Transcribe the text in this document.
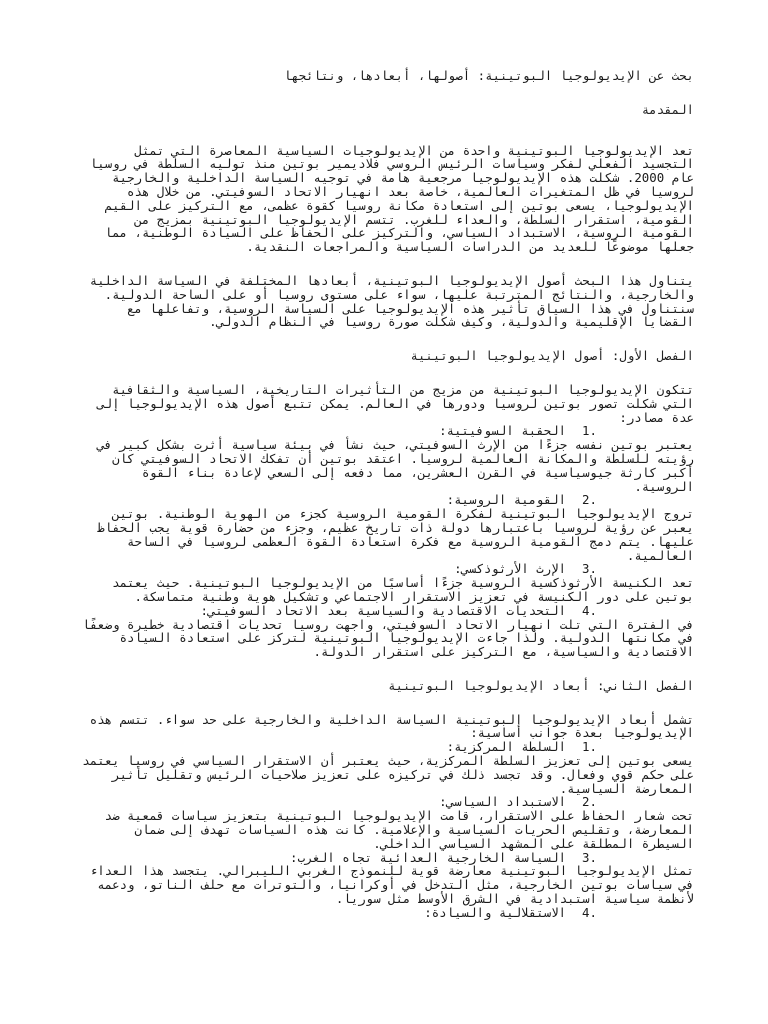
بحث عن الإيديولوجيا البوتينية: أصولها، أبعادها، ونتائجها
المقدمة
تعد الإيديولوجيا البوتينية واحدة من الإيديولوجيات السياسية المعاصرة التي تمثل
التجسيد الفعلي لفكر وسياسات الرئيس الروسي فلاديمير بوتين منذ توليه السلطة في روسيا
عام 2000. شكلت هذه الإيديولوجيا مرجعية هامة في توجيه السياسة الداخلية والخارجية
لروسيا في ظل المتغيرات العالمية، خاصة بعد انهيار الاتحاد السوفيتي. من خلال هذه
الإيديولوجيا، يسعى بوتين إلى استعادة مكانة روسيا كقوة عظمى، مع التركيز على القيم
القومية، استقرار السلطة، والعداء للغرب. تتسم الإيديولوجيا البوتينية بمزيج من
القومية الروسية، الاستبداد السياسي، والتركيز على الحفاظ على السيادة الوطنية، مما
جعلها موضوعًا للعديد من الدراسات السياسية والمراجعات النقدية.
يتناول هذا البحث أصول الإيديولوجيا البوتينية، أبعادها المختلفة في السياسة الداخلية
والخارجية، والنتائج المترتبة عليها، سواء على مستوى روسيا أو على الساحة الدولية.
سنتناول في هذا السياق تأثير هذه الإيديولوجيا على السياسة الروسية، وتفاعلها مع
القضايا الإقليمية والدولية، وكيف شكلت صورة روسيا في النظام الدولي.
الفصل الأول: أصول الإيديولوجيا البوتينية
تتكون الإيديولوجيا البوتينية من مزيج من التأثيرات التاريخية، السياسية والثقافية
التي شكلت تصور بوتين لروسيا ودورها في العالم. يمكن تتبع أصول هذه الإيديولوجيا إلى
عدة مصادر:
الحقبة السوفيتية: 1.
يعتبر بوتين نفسه جزءًا من الإرث السوفيتي، حيث نشأ في بيئة سياسية أثرت بشكل كبير في
رؤيته للسلطة والمكانة العالمية لروسيا. اعتقد بوتين أن تفكك الاتحاد السوفيتي كان
أكبر كارثة جيوسياسية في القرن العشرين، مما دفعه إلى السعي لإعادة بناء القوة
الروسية.
القومية الروسية: 2.
تروج الإيديولوجيا البوتينية لفكرة القومية الروسية كجزء من الهوية الوطنية. بوتين
يعبر عن رؤية لروسيا باعتبارها دولة ذات تاريخ عظيم، وجزء من حضارة قوية يجب الحفاظ
عليها. يتم دمج القومية الروسية مع فكرة استعادة القوة العظمى لروسيا في الساحة
العالمية.
الإرث الأرثوذكسي: 3.
تعد الكنيسة الأرثوذكسية الروسية جزءًا أساسيًا من الإيديولوجيا البوتينية. حيث يعتمد
بوتين على دور الكنيسة في تعزيز الاستقرار الاجتماعي وتشكيل هوية وطنية متماسكة.
التحديات الاقتصادية والسياسية بعد الاتحاد السوفيتي: 4.
في الفترة التي تلت انهيار الاتحاد السوفيتي، واجهت روسيا تحديات اقتصادية خطيرة وضعفًا
في مكانتها الدولية. ولذا جاءت الإيديولوجيا البوتينية لتركز على استعادة السيادة
الاقتصادية والسياسية، مع التركيز على استقرار الدولة.
الفصل الثاني: أبعاد الإيديولوجيا البوتينية
تشمل أبعاد الإيديولوجيا البوتينية السياسة الداخلية والخارجية على حد سواء. تتسم هذه
الإيديولوجيا بعدة جوانب أساسية:
السلطة المركزية: 1.
يسعى بوتين إلى تعزيز السلطة المركزية، حيث يعتبر أن الاستقرار السياسي في روسيا يعتمد
على حكم قوي وفعال. وقد تجسد ذلك في تركيزه على تعزيز صلاحيات الرئيس وتقليل تأثير
المعارضة السياسية.
الاستبداد السياسي: 2.
تحت شعار الحفاظ على الاستقرار، قامت الإيديولوجيا البوتينية بتعزيز سياسات قمعية ضد
المعارضة، وتقليص الحريات السياسية والإعلامية. كانت هذه السياسات تهدف إلى ضمان
السيطرة المطلقة على المشهد السياسي الداخلي.
السياسة الخارجية العدائية تجاه الغرب: 3.
تمثل الإيديولوجيا البوتينية معارضة قوية للنموذج الغربي الليبرالي. يتجسد هذا العداء
في سياسات بوتين الخارجية، مثل التدخل في أوكرانيا، والتوترات مع حلف الناتو، ودعمه
لأنظمة سياسية استبدادية في الشرق الأوسط مثل سوريا.
الاستقلالية والسيادة: 4.
